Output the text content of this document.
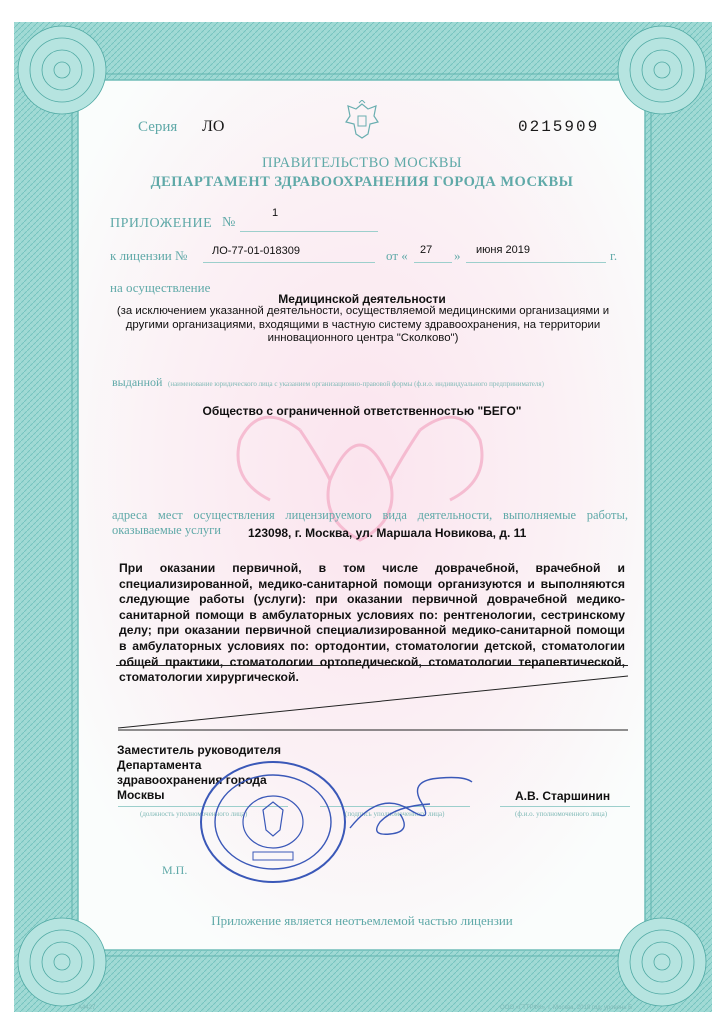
Серия ЛО	0215909
ПРАВИТЕЛЬСТВО МОСКВЫ
ДЕПАРТАМЕНТ ЗДРАВООХРАНЕНИЯ ГОРОДА МОСКВЫ
ПРИЛОЖЕНИЕ №
1
к лицензии № ЛО-77-01-018309	от « 27 » июня 2019	г.
на осуществление
Медицинской деятельности
(за исключением указанной деятельности, осуществляемой медицинскими организациями и другими организациями, входящими в частную систему здравоохранения, на территории инновационного центра "Сколково")
выданной (наименование юридического лица с указанием организационно-правовой формы (ф.и.о. индивидуального предпринимателя)
Общество с ограниченной ответственностью "БЕГО"
адреса мест осуществления лицензируемого вида деятельности, выполняемые работы, оказываемые услуги	123098, г. Москва, ул. Маршала Новикова, д. 11
При оказании первичной, в том числе доврачебной, врачебной и специализированной, медико-санитарной помощи организуются и выполняются следующие работы (услуги): при оказании первичной доврачебной медико-санитарной помощи в амбулаторных условиях по: рентгенологии, сестринскому делу; при оказании первичной специализированной медико-санитарной помощи в амбулаторных условиях по: ортодонтии, стоматологии детской, стоматологии общей практики, стоматологии ортопедической, стоматологии терапевтической, стоматологии хирургической.
Заместитель руководителя
Департамента
здравоохранения города
Москвы	А.В. Старшинин
(должность уполномоченного лица)	(подпись уполномоченного лица)	(ф.и.о. уполномоченного лица)
М.П.
Приложение является неотъемлемой частью лицензии
А4427	ООО «ГТТРФК», г. Москва, 2018 год, уровень Б
